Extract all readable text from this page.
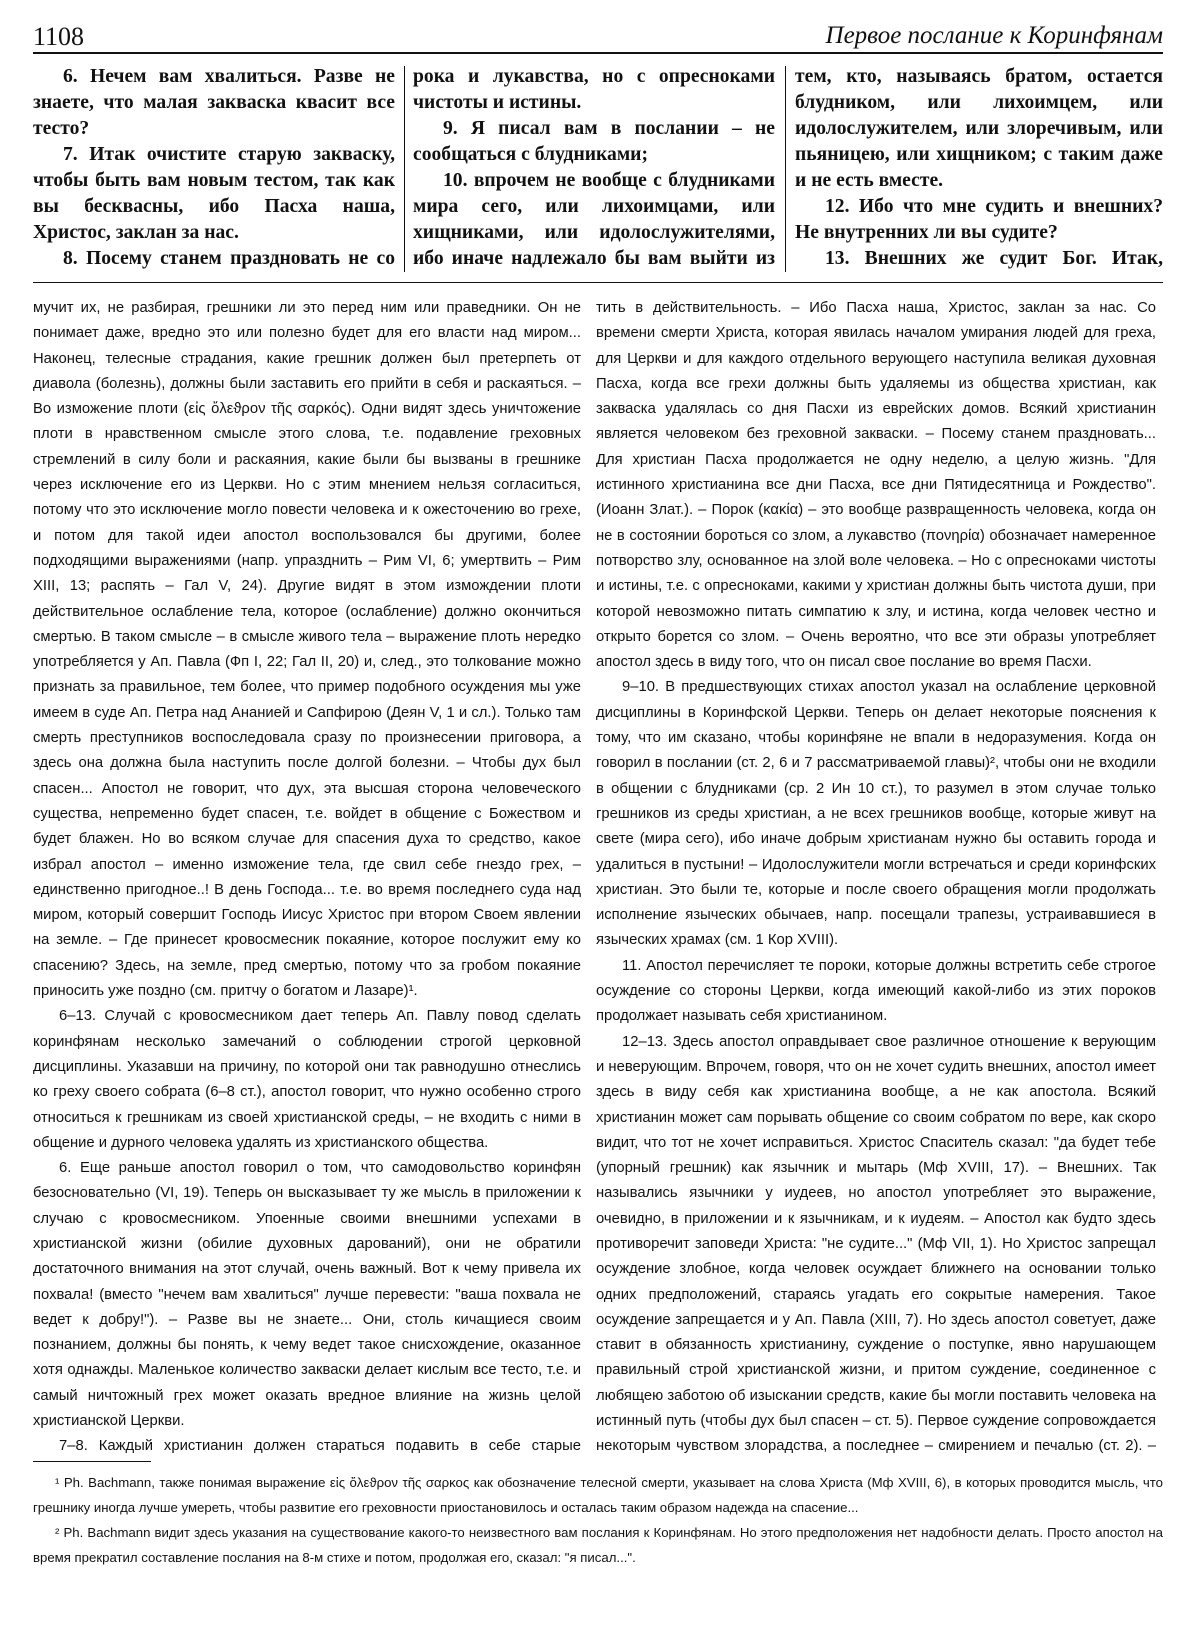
1108	Первое послание к Коринфянам

6. Нечем вам хвалиться. Разве не знаете, что малая закваска квасит все тесто?

7. Итак очистите старую закваску, чтобы быть вам новым тестом, так как вы бесквасны, ибо Пасха наша, Христос, заклан за нас.

8. Посему станем праздновать не со

рока и лукавства, но с опресноками чистоты и истины.

9. Я писал вам в послании – не сообщаться с блудниками;

10. впрочем не вообще с блудниками мира сего, или лихоимцами, или хищниками, или идолослужителями, ибо иначе надлежало бы вам выйти из

тем, кто, называясь братом, остается блудником, или лихоимцем, или идолослужителем, или злоречивым, или пьяницею, или хищником; с таким даже и не есть вместе.

12. Ибо что мне судить и внешних? Не внутренних ли вы судите?

13. Внешних же судит Бог. Итак,

мучит их, не разбирая, грешники ли это перед ним или праведники. Он не понимает даже, вредно это или полезно будет для его власти над миром... Наконец, телесные страдания, какие грешник должен был претерпеть от диавола (болезнь), должны были заставить его прийти в себя и раскаяться. – Во изможение плоти (εἰς ὄλεϑρον τῆς σαρκός). Одни видят здесь уничтожение плоти в нравственном смысле этого слова, т.е. подавление греховных стремлений в силу боли и раскаяния, какие были бы вызваны в грешнике через исключение его из Церкви. Но с этим мнением нельзя согласиться, потому что это исключение могло повести человека и к ожесточению во грехе, и потом для такой идеи апостол воспользовался бы другими, более подходящими выражениями (напр. упразднить – Рим VI, 6; умертвить – Рим XIII, 13; распять – Гал V, 24). Другие видят в этом измождении плоти действительное ослабление тела, которое (ослабление) должно окончиться смертью. В таком смысле – в смысле живого тела – выражение плоть нередко употребляется у Ап. Павла (Фп I, 22; Гал II, 20) и, след., это толкование можно признать за правильное, тем более, что пример подобного осуждения мы уже имеем в суде Ап. Петра над Ананией и Сапфирою (Деян V, 1 и сл.). Только там смерть преступников воспоследовала сразу по произнесении приговора, а здесь она должна была наступить после долгой болезни. – Чтобы дух был спасен... Апостол не говорит, что дух, эта высшая сторона человеческого существа, непременно будет спасен, т.е. войдет в общение с Божеством и будет блажен. Но во всяком случае для спасения духа то средство, какое избрал апостол – именно изможение тела, где свил себе гнездо грех, – единственно пригодное..! В день Господа... т.е. во время последнего суда над миром, который совершит Господь Иисус Христос при втором Своем явлении на земле. – Где принесет кровосмесник покаяние, которое послужит ему ко спасению? Здесь, на земле, пред смертью, потому что за гробом покаяние приносить уже поздно (см. притчу о богатом и Лазаре)¹.

6–13. Случай с кровосмесником дает теперь Ап. Павлу повод сделать коринфянам несколько замечаний о соблюдении строгой церковной дисциплины. Указавши на причину, по которой они так равнодушно отнеслись ко греху своего собрата (6–8 ст.), апостол говорит, что нужно особенно строго относиться к грешникам из своей христианской среды, – не входить с ними в общение и дурного человека удалять из христианского общества.

6. Еще раньше апостол говорил о том, что самодовольство коринфян безосновательно (VI, 19). Теперь он высказывает ту же мысль в приложении к случаю с кровосмесником. Упоенные своими внешними успехами в христианской жизни (обилие духовных дарований), они не обратили достаточного внимания на этот случай, очень важный. Вот к чему привела их похвала! (вместо "нечем вам хвалиться" лучше перевести: "ваша похвала не ведет к добру!"). – Разве вы не знаете... Они, столь кичащиеся своим познанием, должны бы понять, к чему ведет такое снисхождение, оказанное хотя однажды. Маленькое количество закваски делает кислым все тесто, т.е. и самый ничтожный грех может оказать вредное влияние на жизнь целой христианской Церкви.

7–8. Каждый христианин должен стараться подавить в себе старые

тить в действительность. – Ибо Пасха наша, Христос, заклан за нас. Со времени смерти Христа, которая явилась началом умирания людей для греха, для Церкви и для каждого отдельного верующего наступила великая духовная Пасха, когда все грехи должны быть удаляемы из общества христиан, как закваска удалялась со дня Пасхи из еврейских домов. Всякий христианин является человеком без греховной закваски. – Посему станем праздновать... Для христиан Пасха продолжается не одну неделю, а целую жизнь. "Для истинного христианина все дни Пасха, все дни Пятидесятница и Рождество". (Иоанн Злат.). – Порок (κακία) – это вообще развращенность человека, когда он не в состоянии бороться со злом, а лукавство (πονηρία) обозначает намеренное потворство злу, основанное на злой воле человека. – Но с опресноками чистоты и истины, т.е. с опресноками, какими у христиан должны быть чистота души, при которой невозможно питать симпатию к злу, и истина, когда человек честно и открыто борется со злом. – Очень вероятно, что все эти образы употребляет апостол здесь в виду того, что он писал свое послание во время Пасхи.

9–10. В предшествующих стихах апостол указал на ослабление церковной дисциплины в Коринфской Церкви. Теперь он делает некоторые пояснения к тому, что им сказано, чтобы коринфяне не впали в недоразумения. Когда он говорил в послании (ст. 2, 6 и 7 рассматриваемой главы)², чтобы они не входили в общении с блудниками (ср. 2 Ин 10 ст.), то разумел в этом случае только грешников из среды христиан, а не всех грешников вообще, которые живут на свете (мира сего), ибо иначе добрым христианам нужно бы оставить города и удалиться в пустыни! – Идолослужители могли встречаться и среди коринфских христиан. Это были те, которые и после своего обращения могли продолжать исполнение языческих обычаев, напр. посещали трапезы, устраивавшиеся в языческих храмах (см. 1 Кор XVIII).

11. Апостол перечисляет те пороки, которые должны встретить себе строгое осуждение со стороны Церкви, когда имеющий какой-либо из этих пороков продолжает называть себя христианином.

12–13. Здесь апостол оправдывает свое различное отношение к верующим и неверующим. Впрочем, говоря, что он не хочет судить внешних, апостол имеет здесь в виду себя как христианина вообще, а не как апостола. Всякий христианин может сам порывать общение со своим собратом по вере, как скоро видит, что тот не хочет исправиться. Христос Спаситель сказал: "да будет тебе (упорный грешник) как язычник и мытарь (Мф XVIII, 17). – Внешних. Так назывались язычники у иудеев, но апостол употребляет это выражение, очевидно, в приложении и к язычникам, и к иудеям. – Апостол как будто здесь противоречит заповеди Христа: "не судите..." (Мф VII, 1). Но Христос запрещал осуждение злобное, когда человек осуждает ближнего на основании только одних предположений, стараясь угадать его сокрытые намерения. Такое осуждение запрещается и у Ап. Павла (XIII, 7). Но здесь апостол советует, даже ставит в обязанность христианину, суждение о поступке, явно нарушающем правильный строй христианской жизни, и притом суждение, соединенное с любящею заботою об изыскании средств, какие бы могли поставить человека на истинный путь (чтобы дух был спасен – ст. 5). Первое суждение сопровождается некоторым чувством злорадства, а последнее – смирением и печалью (ст. 2). –

¹ Ph. Bachmann, также понимая выражение εἰς ὄλεϑρον τῆς σαρκος как обозначение телесной смерти, указывает на слова Христа (Мф XVIII, 6), в которых проводится мысль, что грешнику иногда лучше умереть, чтобы развитие его греховности приостановилось и осталась таким образом надежда на спасение...

² Ph. Bachmann видит здесь указания на существование какого-то неизвестного вам послания к Коринфянам. Но этого предположения нет надобности делать. Просто апостол на время прекратил составление послания на 8-м стихе и потом, продолжая его, сказал: "я писал...".
